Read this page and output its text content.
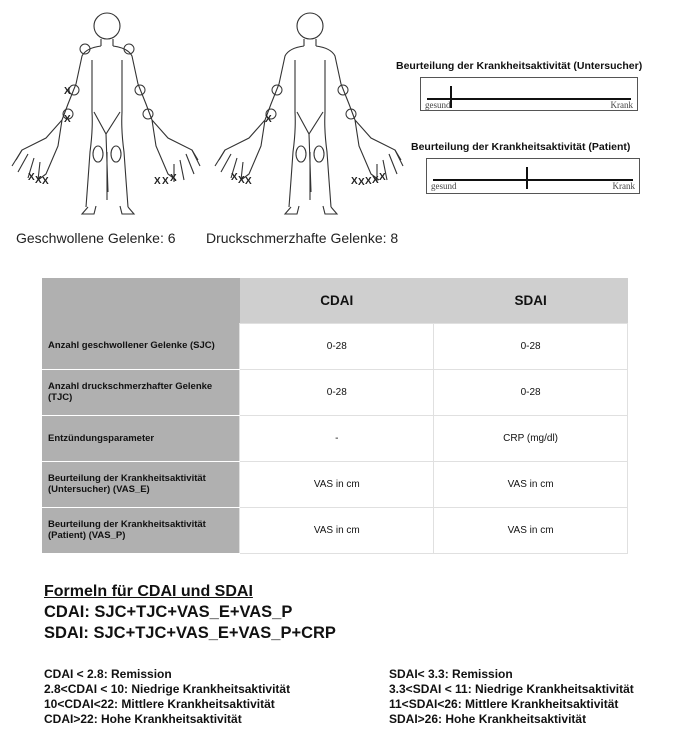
X
X
X X X	X X X
X
X X X	X X X X X
Beurteilung der Krankheitsaktivität (Untersucher)
gesund	Krank
Beurteilung der Krankheitsaktivität (Patient)
gesund	Krank
Geschwollene Gelenke: 6 Druckschmerzhafte Gelenke: 8
	CDAI	SDAI
Anzahl geschwollener Gelenke (SJC)	0-28	0-28
Anzahl druckschmerzhafter Gelenke (TJC)	0-28	0-28
Entzündungsparameter	-	CRP (mg/dl)
Beurteilung der Krankheitsaktivität (Untersucher) (VAS_E)	VAS in cm	VAS in cm
Beurteilung der Krankheitsaktivität (Patient) (VAS_P)	VAS in cm	VAS in cm
Formeln für CDAI und SDAI
CDAI: SJC+TJC+VAS_E+VAS_P
SDAI: SJC+TJC+VAS_E+VAS_P+CRP
CDAI < 2.8: Remission
2.8<CDAI < 10: Niedrige Krankheitsaktivität
10<CDAI<22: Mittlere Krankheitsaktivität
CDAI>22: Hohe Krankheitsaktivität
SDAI< 3.3: Remission
3.3<SDAI < 11: Niedrige Krankheitsaktivität
11<SDAI<26: Mittlere Krankheitsaktivität
SDAI>26: Hohe Krankheitsaktivität
